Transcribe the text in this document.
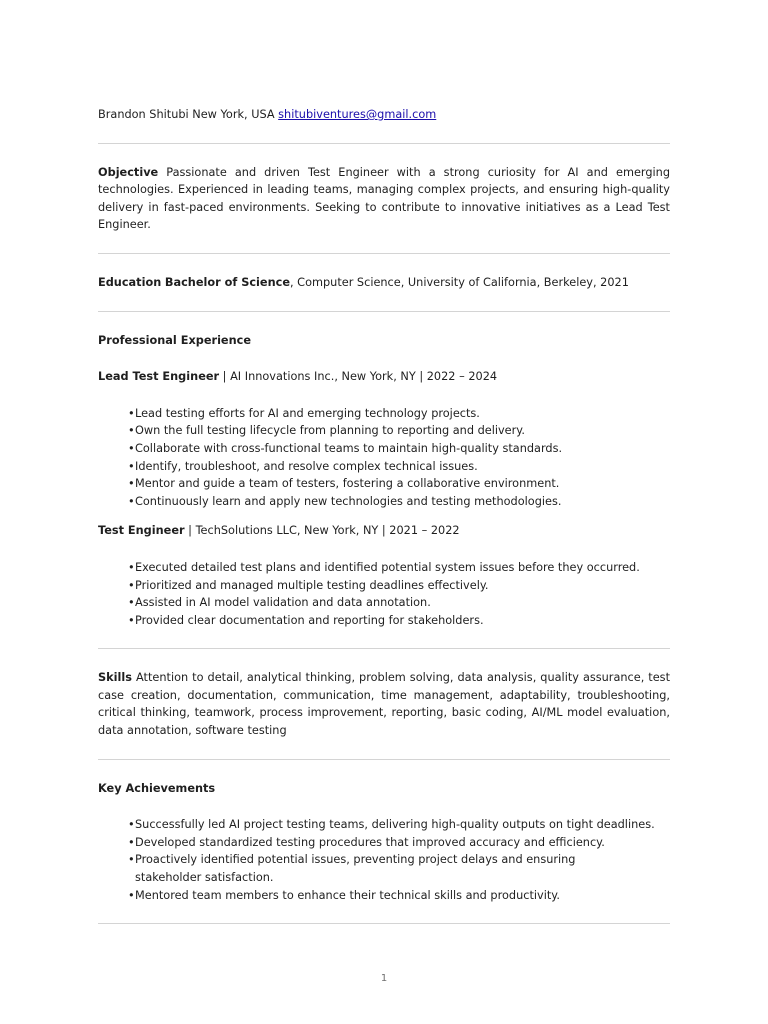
Brandon Shitubi New York, USA shitubiventures@gmail.com

Objective Passionate and driven Test Engineer with a strong curiosity for AI and emerging technologies. Experienced in leading teams, managing complex projects, and ensuring high-quality delivery in fast-paced environments. Seeking to contribute to innovative initiatives as a Lead Test Engineer.

Education Bachelor of Science, Computer Science, University of California, Berkeley, 2021

Professional Experience

Lead Test Engineer | AI Innovations Inc., New York, NY | 2022 – 2024

• Lead testing efforts for AI and emerging technology projects.
• Own the full testing lifecycle from planning to reporting and delivery.
• Collaborate with cross-functional teams to maintain high-quality standards.
• Identify, troubleshoot, and resolve complex technical issues.
• Mentor and guide a team of testers, fostering a collaborative environment.
• Continuously learn and apply new technologies and testing methodologies.

Test Engineer | TechSolutions LLC, New York, NY | 2021 – 2022

• Executed detailed test plans and identified potential system issues before they occurred.
• Prioritized and managed multiple testing deadlines effectively.
• Assisted in AI model validation and data annotation.
• Provided clear documentation and reporting for stakeholders.

Skills Attention to detail, analytical thinking, problem solving, data analysis, quality assurance, test case creation, documentation, communication, time management, adaptability, troubleshooting, critical thinking, teamwork, process improvement, reporting, basic coding, AI/ML model evaluation, data annotation, software testing

Key Achievements

• Successfully led AI project testing teams, delivering high-quality outputs on tight deadlines.
• Developed standardized testing procedures that improved accuracy and efficiency.
• Proactively identified potential issues, preventing project delays and ensuring stakeholder satisfaction.
• Mentored team members to enhance their technical skills and productivity.
1
